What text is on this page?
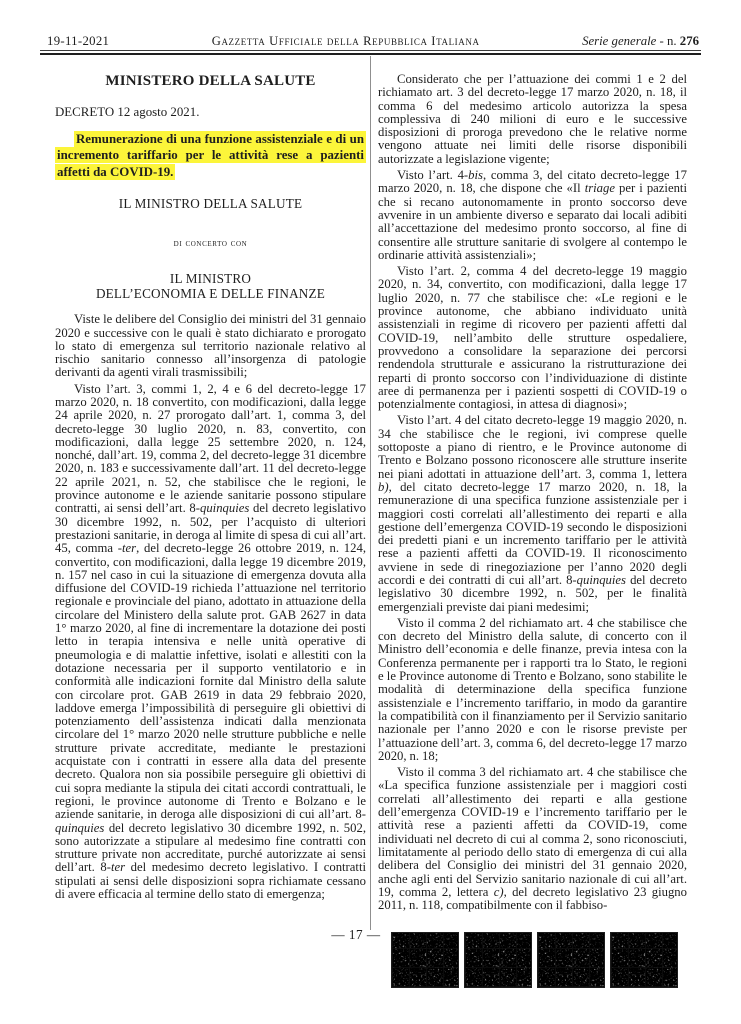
19-11-2021	Gazzetta Ufficiale della Repubblica Italiana	Serie generale - n. 276
MINISTERO DELLA SALUTE
DECRETO 12 agosto 2021.

Remunerazione di una funzione assistenziale e di un incremento tariffario per le attività rese a pazienti affetti da COVID-19.

IL MINISTRO DELLA SALUTE
di concerto con
IL MINISTRO
DELL’ECONOMIA E DELLE FINANZE

Viste le delibere del Consiglio dei ministri del 31 gennaio 2020 e successive con le quali è stato dichiarato e prorogato lo stato di emergenza sul territorio nazionale relativo al rischio sanitario connesso all’insorgenza di patologie derivanti da agenti virali trasmissibili;

Visto l’art. 3, commi 1, 2, 4 e 6 del decreto-legge 17 marzo 2020, n. 18 convertito, con modificazioni, dalla legge 24 aprile 2020, n. 27 prorogato dall’art. 1, comma 3, del decreto-legge 30 luglio 2020, n. 83, convertito, con modificazioni, dalla legge 25 settembre 2020, n. 124, nonché, dall’art. 19, comma 2, del decreto-legge 31 dicembre 2020, n. 183 e successivamente dall’art. 11 del decreto-legge 22 aprile 2021, n. 52, che stabilisce che le regioni, le province autonome e le aziende sanitarie possono stipulare contratti, ai sensi dell’art. 8-quinquies del decreto legislativo 30 dicembre 1992, n. 502, per l’acquisto di ulteriori prestazioni sanitarie, in deroga al limite di spesa di cui all’art. 45, comma -ter, del decreto-legge 26 ottobre 2019, n. 124, convertito, con modificazioni, dalla legge 19 dicembre 2019, n. 157 nel caso in cui la situazione di emergenza dovuta alla diffusione del COVID-19 richieda l’attuazione nel territorio regionale e provinciale del piano, adottato in attuazione della circolare del Ministero della salute prot. GAB 2627 in data 1° marzo 2020, al fine di incrementare la dotazione dei posti letto in terapia intensiva e nelle unità operative di pneumologia e di malattie infettive, isolati e allestiti con la dotazione necessaria per il supporto ventilatorio e in conformità alle indicazioni fornite dal Ministro della salute con circolare prot. GAB 2619 in data 29 febbraio 2020, laddove emerga l’impossibilità di perseguire gli obiettivi di potenziamento dell’assistenza indicati dalla menzionata circolare del 1° marzo 2020 nelle strutture pubbliche e nelle strutture private accreditate, mediante le prestazioni acquistate con i contratti in essere alla data del presente decreto. Qualora non sia possibile perseguire gli obiettivi di cui sopra mediante la stipula dei citati accordi contrattuali, le regioni, le province autonome di Trento e Bolzano e le aziende sanitarie, in deroga alle disposizioni di cui all’art. 8-quinquies del decreto legislativo 30 dicembre 1992, n. 502, sono autorizzate a stipulare al medesimo fine contratti con strutture private non accreditate, purché autorizzate ai sensi dell’art. 8-ter del medesimo decreto legislativo. I contratti stipulati ai sensi delle disposizioni sopra richiamate cessano di avere efficacia al termine dello stato di emergenza;

Considerato che per l’attuazione dei commi 1 e 2 del richiamato art. 3 del decreto-legge 17 marzo 2020, n. 18, il comma 6 del medesimo articolo autorizza la spesa complessiva di 240 milioni di euro e le successive disposizioni di proroga prevedono che le relative norme vengono attuate nei limiti delle risorse disponibili autorizzate a legislazione vigente;

Visto l’art. 4-bis, comma 3, del citato decreto-legge 17 marzo 2020, n. 18, che dispone che «Il triage per i pazienti che si recano autonomamente in pronto soccorso deve avvenire in un ambiente diverso e separato dai locali adibiti all’accettazione del medesimo pronto soccorso, al fine di consentire alle strutture sanitarie di svolgere al contempo le ordinarie attività assistenziali»;

Visto l’art. 2, comma 4 del decreto-legge 19 maggio 2020, n. 34, convertito, con modificazioni, dalla legge 17 luglio 2020, n. 77 che stabilisce che: «Le regioni e le province autonome, che abbiano individuato unità assistenziali in regime di ricovero per pazienti affetti dal COVID-19, nell’ambito delle strutture ospedaliere, provvedono a consolidare la separazione dei percorsi rendendola strutturale e assicurano la ristrutturazione dei reparti di pronto soccorso con l’individuazione di distinte aree di permanenza per i pazienti sospetti di COVID-19 o potenzialmente contagiosi, in attesa di diagnosi»;

Visto l’art. 4 del citato decreto-legge 19 maggio 2020, n. 34 che stabilisce che le regioni, ivi comprese quelle sottoposte a piano di rientro, e le Province autonome di Trento e Bolzano possono riconoscere alle strutture inserite nei piani adottati in attuazione dell’art. 3, comma 1, lettera b), del citato decreto-legge 17 marzo 2020, n. 18, la remunerazione di una specifica funzione assistenziale per i maggiori costi correlati all’allestimento dei reparti e alla gestione dell’emergenza COVID-19 secondo le disposizioni dei predetti piani e un incremento tariffario per le attività rese a pazienti affetti da COVID-19. Il riconoscimento avviene in sede di rinegoziazione per l’anno 2020 degli accordi e dei contratti di cui all’art. 8-quinquies del decreto legislativo 30 dicembre 1992, n. 502, per le finalità emergenziali previste dai piani medesimi;

Visto il comma 2 del richiamato art. 4 che stabilisce che con decreto del Ministro della salute, di concerto con il Ministro dell’economia e delle finanze, previa intesa con la Conferenza permanente per i rapporti tra lo Stato, le regioni e le Province autonome di Trento e Bolzano, sono stabilite le modalità di determinazione della specifica funzione assistenziale e l’incremento tariffario, in modo da garantire la compatibilità con il finanziamento per il Servizio sanitario nazionale per l’anno 2020 e con le risorse previste per l’attuazione dell’art. 3, comma 6, del decreto-legge 17 marzo 2020, n. 18;

Visto il comma 3 del richiamato art. 4 che stabilisce che «La specifica funzione assistenziale per i maggiori costi correlati all’allestimento dei reparti e alla gestione dell’emergenza COVID-19 e l’incremento tariffario per le attività rese a pazienti affetti da COVID-19, come individuati nel decreto di cui al comma 2, sono riconosciuti, limitatamente al periodo dello stato di emergenza di cui alla delibera del Consiglio dei ministri del 31 gennaio 2020, anche agli enti del Servizio sanitario nazionale di cui all’art. 19, comma 2, lettera c), del decreto legislativo 23 giugno 2011, n. 118, compatibilmente con il fabbiso-

— 17 —
